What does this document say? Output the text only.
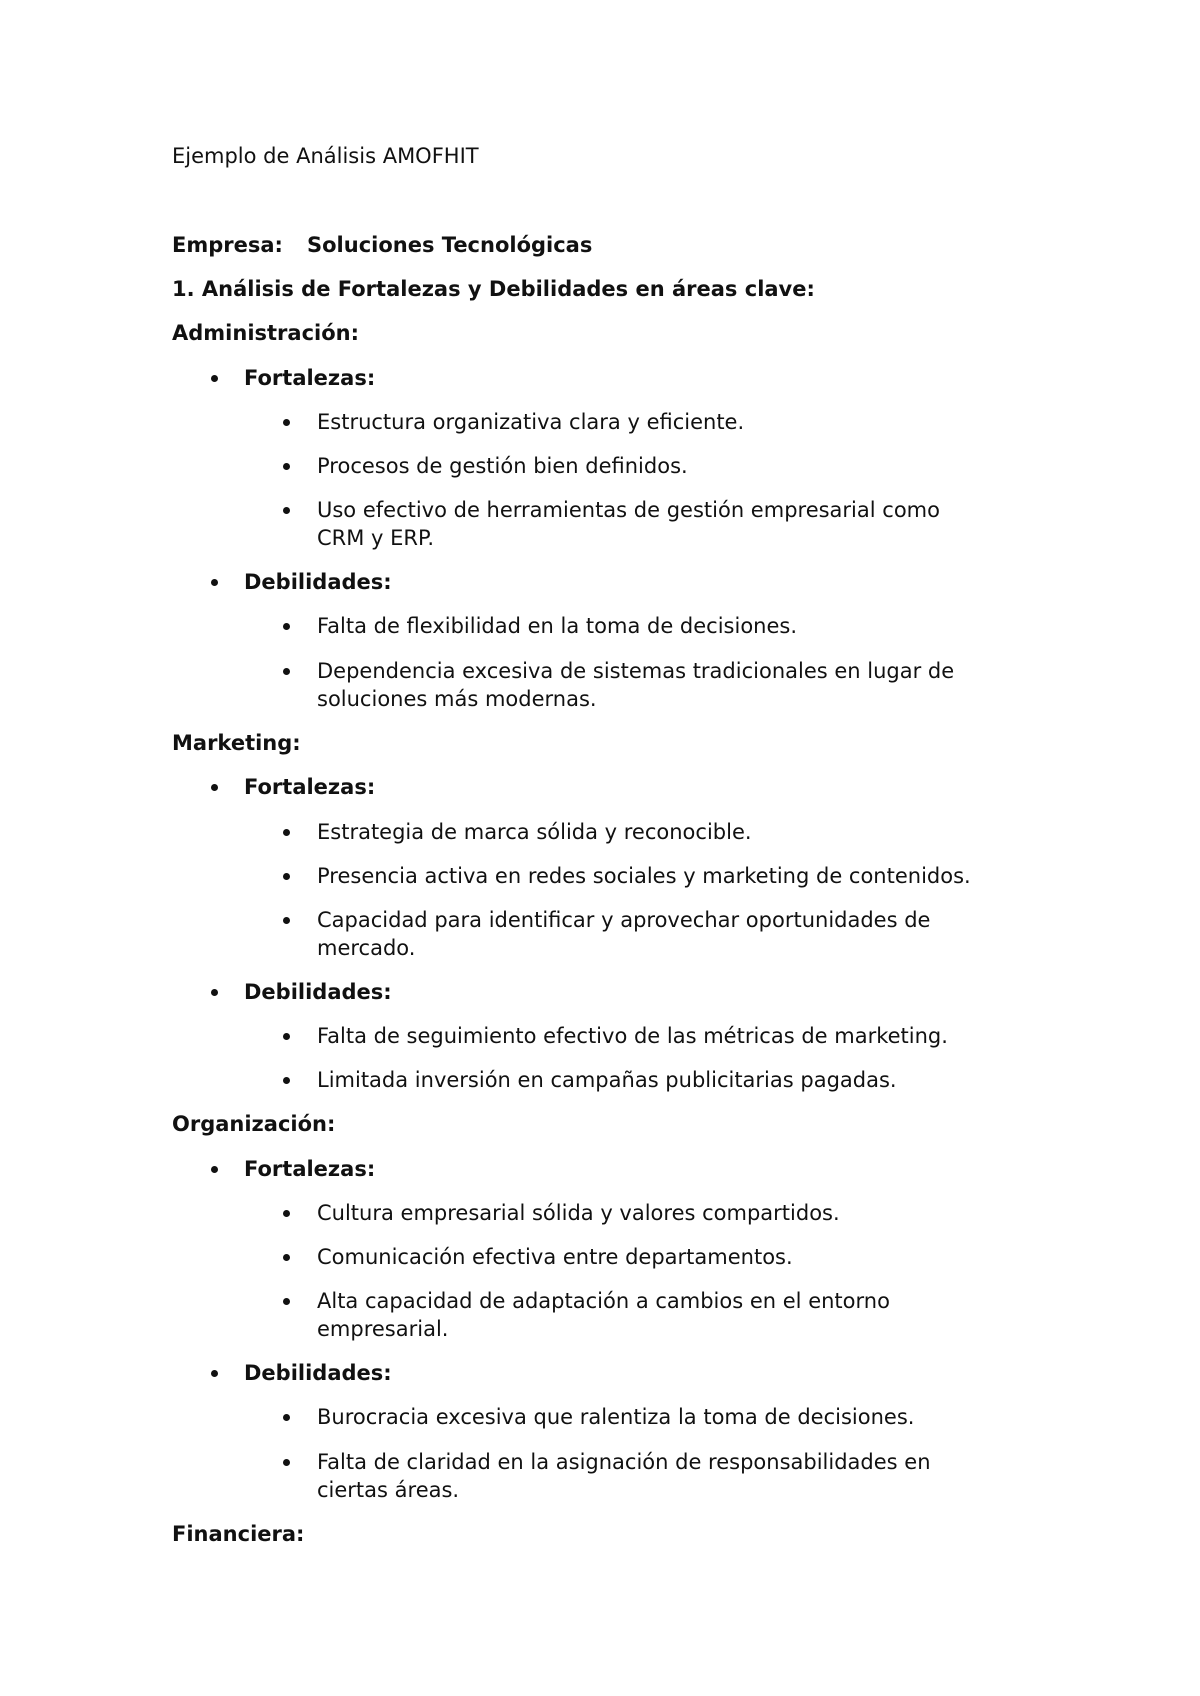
Ejemplo de Análisis AMOFHIT

Empresa: Soluciones Tecnológicas

1. Análisis de Fortalezas y Debilidades en áreas clave:

Administración:

Fortalezas:

Estructura organizativa clara y eficiente.

Procesos de gestión bien definidos.

Uso efectivo de herramientas de gestión empresarial como

CRM y ERP.

Debilidades:

Falta de flexibilidad en la toma de decisiones.

Dependencia excesiva de sistemas tradicionales en lugar de

soluciones más modernas.

Marketing:

Fortalezas:

Estrategia de marca sólida y reconocible.

Presencia activa en redes sociales y marketing de contenidos.

Capacidad para identificar y aprovechar oportunidades de

mercado.

Debilidades:

Falta de seguimiento efectivo de las métricas de marketing.

Limitada inversión en campañas publicitarias pagadas.

Organización:

Fortalezas:

Cultura empresarial sólida y valores compartidos.

Comunicación efectiva entre departamentos.

Alta capacidad de adaptación a cambios en el entorno

empresarial.

Debilidades:

Burocracia excesiva que ralentiza la toma de decisiones.

Falta de claridad en la asignación de responsabilidades en

ciertas áreas.

Financiera:
